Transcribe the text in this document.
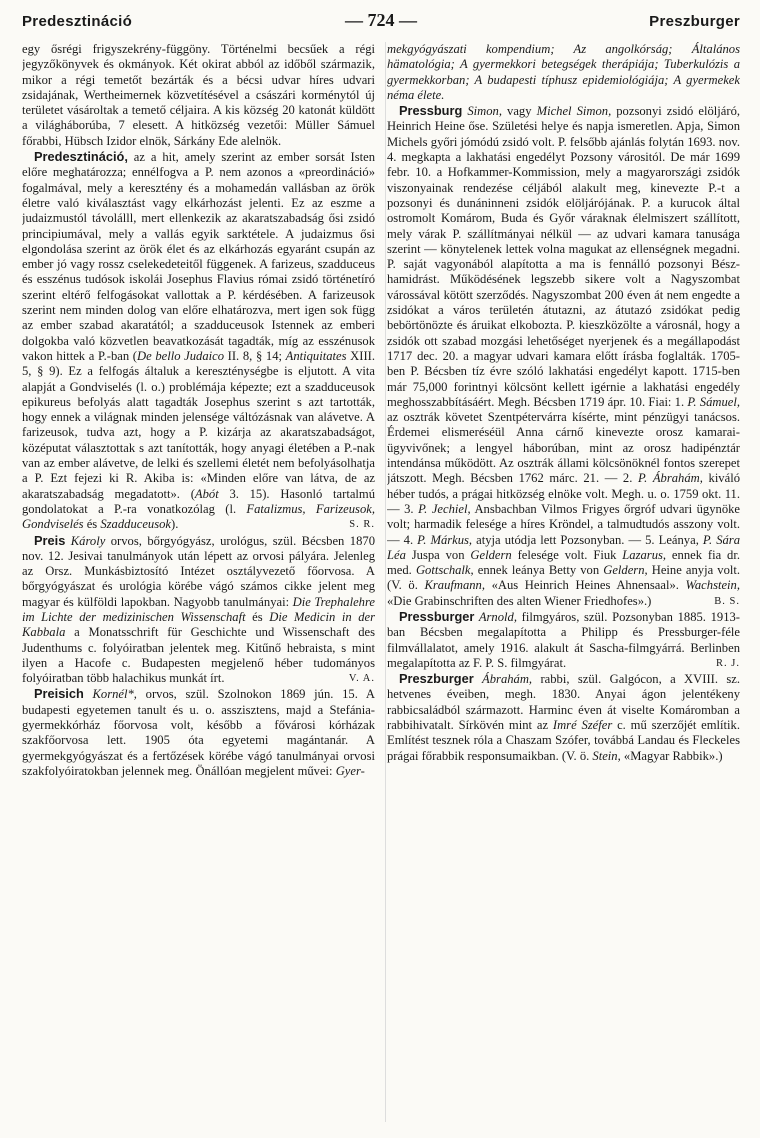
Predesztináció	— 724 —	Preszburger

egy ősrégi frigyszekrény-függöny. Történelmi becsűek a régi jegyzőkönyvek és okmányok. Két okirat abból az időből származik, mikor a régi temetőt bezárták és a bécsi udvar híres udvari zsidajának, Wertheimernek közvetítésével a császári korménytól új területet vásároltak a temető céljaira. A kis község 20 katonát küldött a világháborúba, 7 elesett. A hitközség vezetői: Müller Sámuel főrabbi, Hübsch Izidor elnök, Sárkány Ede alelnök.

Predesztináció, az a hit, amely szerint az ember sorsát Isten előre meghatározza; ennélfogva a P. nem azonos a «preordináció» fogalmával, mely a keresztény és a mohamedán vallásban az örök életre való kiválasztást vagy elkárhozást jelenti. Ez az eszme a judaizmustól távolálll, mert ellenkezik az akaratszabadság ősi zsidó principiumával, mely a vallás egyik sarktétele. A judaizmus ősi elgondolása szerint az örök élet és az elkárhozás egyaránt csupán az ember jó vagy rossz cselekedeteitől függenek. A farizeus, szadduceus és esszénus tudósok iskolái Josephus Flavius római zsidó történetíró szerint eltérő felfogásokat vallottak a P. kérdésében. A farizeusok szerint nem minden dolog van előre elhatározva, mert igen sok függ az ember szabad akaratától; a szadduceusok Istennek az emberi dolgokba való közvetlen beavatkozását tagadták, míg az esszénusok vakon hittek a P.-ban (De bello Judaico II. 8, § 14; Antiquitates XIII. 5, § 9). Ez a felfogás általuk a kereszténységbe is eljutott. A vita alapját a Gondviselés (l. o.) problémája képezte; ezt a szadduceusok epikureus befolyás alatt tagadták Josephus szerint s azt tartották, hogy ennek a világnak minden jelensége váltózásnak van alávetve. A farizeusok, tudva azt, hogy a P. kizárja az akaratszabadságot, középutat választottak s azt tanították, hogy anyagi életében a P.-nak van az ember alávetve, de lelki és szellemi életét nem befolyásolhatja a P. Ezt fejezi ki R. Akiba is: «Minden előre van látva, de az akaratszabadság megadatott». (Abót 3. 15). Hasonló tartalmú gondolatokat a P.-ra vonatkozólag (l. Fatalizmus, Farizeusok, Gondviselés és Szadduceusok).	S. R.

Preis Károly orvos, bőrgyógyász, urológus, szül. Bécsben 1870 nov. 12. Jesivai tanulmányok után lépett az orvosi pályára. Jelenleg az Orsz. Munkásbiztosító Intézet osztályvezető főorvosa. A bőrgyógyászat és urológia körébe vágó számos cikke jelent meg magyar és külföldi lapokban. Nagyobb tanulmányai: Die Trephalehre im Lichte der medizinischen Wissenschaft és Die Medicin in der Kabbala a Monatsschrift für Geschichte und Wissenschaft des Judenthums c. folyóiratban jelentek meg. Kitűnő hebraista, s mint ilyen a Hacofe c. Budapesten megjelenő héber tudományos folyóiratban több halachikus munkát írt.	V. A.

Preisich Kornél*, orvos, szül. Szolnokon 1869 jún. 15. A budapesti egyetemen tanult és u. o. asszisztens, majd a Stefánia-gyermekkórház főorvosa volt, később a fővárosi kórházak szakfőorvosa lett. 1905 óta egyetemi magántanár. A gyermekgyógyászat és a fertőzések körébe vágó tanulmányai orvosi szakfolyóiratokban jelennek meg. Önállóan megjelent művei: Gyer-

mekgyógyászati kompendium; Az angolkórság; Általános hämatológia; A gyermekkori betegségek therápiája; Tuberkulózis a gyermekkorban; A budapesti típhusz epidemiológiája; A gyermekek néma élete.

Pressburg Simon, vagy Michel Simon, pozsonyi zsidó elöljáró, Heinrich Heine őse. Születési helye és napja ismeretlen. Apja, Simon Michels győri jómódú zsidó volt. P. felsőbb ajánlás folytán 1693. nov. 4. megkapta a lakhatási engedélyt Pozsony várositól. De már 1699 febr. 10. a Hofkammer-Kommission, mely a magyarországi zsidók viszonyainak rendezése céljából alakult meg, kinevezte P.-t a pozsonyi és dunáninneni zsidók elöljárójának. P. a kurucok által ostromolt Komárom, Buda és Győr váraknak élelmiszert szállított, mely várak P. szállítmányai nélkül — az udvari kamara tanusága szerint — könytelenek lettek volna magukat az ellenségnek megadni. P. saját vagyonából alapította a ma is fennálló pozsonyi Bész-hamidrást. Működésének legszebb sikere volt a Nagyszombat várossával kötött szerződés. Nagyszombat 200 éven át nem engedte a zsidókat a város területén átutazni, az átutazó zsidókat pedig bebörtönözte és áruikat elkobozta. P. kieszközölte a városnál, hogy a zsidók ott szabad mozgási lehetőséget nyerjenek és a megállapodást 1717 dec. 20. a magyar udvari kamara előtt írásba foglalták. 1705-ben P. Bécsben tíz évre szóló lakhatási engedélyt kapott. 1715-ben már 75,000 forintnyi kölcsönt kellett igérnie a lakhatási engedély meghosszabbításáért. Megh. Bécsben 1719 ápr. 10. Fiai: 1. P. Sámuel, az osztrák követet Szentpétervárra kísérte, mint pénzügyi tanácsos. Érdemei elismeréséül Anna cárnő kinevezte orosz kamarai-ügyvivőnek; a lengyel háborúban, mint az orosz hadipénztár intendánsa működött. Az osztrák állami kölcsönöknél fontos szerepet játszott. Megh. Bécsben 1762 márc. 21. — 2. P. Ábrahám, kiváló héber tudós, a prágai hitközség elnöke volt. Megh. u. o. 1759 okt. 11. — 3. P. Jechiel, Ansbachban Vilmos Frigyes őrgróf udvari ügynöke volt; harmadik felesége a híres Kröndel, a talmudtudós asszony volt. — 4. P. Márkus, atyja utódja lett Pozsonyban. — 5. Leánya, P. Sára Léa Juspa von Geldern felesége volt. Fiuk Lazarus, ennek fia dr. med. Gottschalk, ennek leánya Betty von Geldern, Heine anyja volt. (V. ö. Kraufmann, «Aus Heinrich Heines Ahnensaal». Wachstein, «Die Grabinschriften des alten Wiener Friedhofes».)	B. S.

Pressburger Arnold, filmgyáros, szül. Pozsonyban 1885. 1913-ban Bécsben megalapította a Philipp és Pressburger-féle filmvállalatot, amely 1916. alakult át Sascha-filmgyárrá. Berlinben megalapította az F. P. S. filmgyárat.	R. J.

Preszburger Ábrahám, rabbi, szül. Galgócon, a XVIII. sz. hetvenes éveiben, megh. 1830. Anyai ágon jelentékeny rabbicsaládból származott. Harminc éven át viselte Komáromban a rabbihivatalt. Sírkövén mint az Imré Széfer c. mű szerzőjét említik. Említést tesznek róla a Chaszam Szófer, továbbá Landau és Fleckeles prágai főrabbik responsumaikban. (V. ö. Stein, «Magyar Rabbik».)
